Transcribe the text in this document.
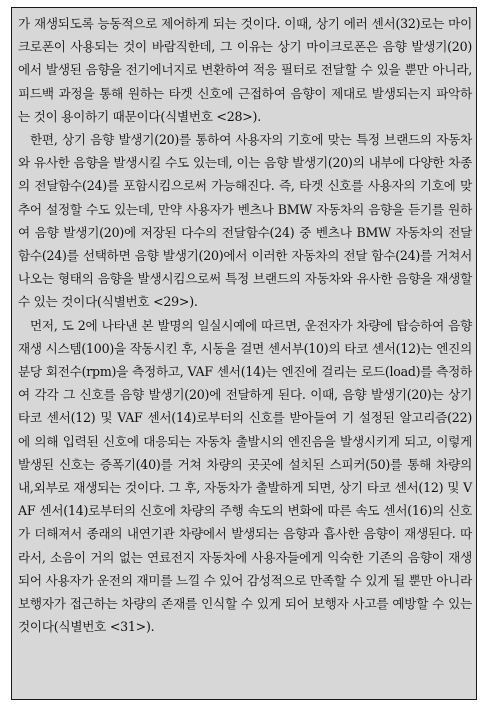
가 재생되도록 능동적으로 제어하게 되는 것이다. 이때, 상기 에러 센서(32)로는 마이크로폰이 사용되는 것이 바람직한데, 그 이유는 상기 마이크로폰은 음향 발생기(20)에서 발생된 음향을 전기에너지로 변환하여 적응 필터로 전달할 수 있을 뿐만 아니라, 피드백 과정을 통해 원하는 타겟 신호에 근접하여 음향이 제대로 발생되는지 파악하는 것이 용이하기 때문이다(식별번호 <28>).

한편, 상기 음향 발생기(20)를 통하여 사용자의 기호에 맞는 특정 브랜드의 자동차와 유사한 음향을 발생시킬 수도 있는데, 이는 음향 발생기(20)의 내부에 다양한 차종의 전달함수(24)를 포함시킴으로써 가능해진다. 즉, 타겟 신호를 사용자의 기호에 맞추어 설정할 수도 있는데, 만약 사용자가 벤츠나 BMW 자동차의 음향을 듣기를 원하여 음향 발생기(20)에 저장된 다수의 전달함수(24) 중 벤츠나 BMW 자동차의 전달함수(24)를 선택하면 음향 발생기(20)에서 이러한 자동차의 전달 함수(24)를 거쳐서 나오는 형태의 음향을 발생시킴으로써 특정 브랜드의 자동차와 유사한 음향을 재생할 수 있는 것이다(식별번호 <29>).

먼저, 도 2에 나타낸 본 발명의 일실시예에 따르면, 운전자가 차량에 탑승하여 음향 재생 시스템(100)을 작동시킨 후, 시동을 걸면 센서부(10)의 타코 센서(12)는 엔진의 분당 회전수(rpm)을 측정하고, VAF 센서(14)는 엔진에 걸리는 로드(load)를 측정하여 각각 그 신호를 음향 발생기(20)에 전달하게 된다. 이때, 음향 발생기(20)는 상기 타코 센서(12) 및 VAF 센서(14)로부터의 신호를 받아들여 기 설정된 알고리즘(22)에 의해 입력된 신호에 대응되는 자동차 출발시의 엔진음을 발생시키게 되고, 이렇게 발생된 신호는 증폭기(40)를 거쳐 차량의 곳곳에 설치된 스피커(50)를 통해 차량의 내,외부로 재생되는 것이다. 그 후, 자동차가 출발하게 되면, 상기 타코 센서(12) 및 VAF 센서(14)로부터의 신호에 차량의 주행 속도의 변화에 따른 속도 센서(16)의 신호가 더해져서 종래의 내연기관 차량에서 발생되는 음향과 흡사한 음향이 재생된다. 따라서, 소음이 거의 없는 연료전지 자동차에 사용자들에게 익숙한 기존의 음향이 재생되어 사용자가 운전의 재미를 느낄 수 있어 감성적으로 만족할 수 있게 될 뿐만 아니라 보행자가 접근하는 차량의 존재를 인식할 수 있게 되어 보행자 사고를 예방할 수 있는 것이다(식별번호 <31>).
